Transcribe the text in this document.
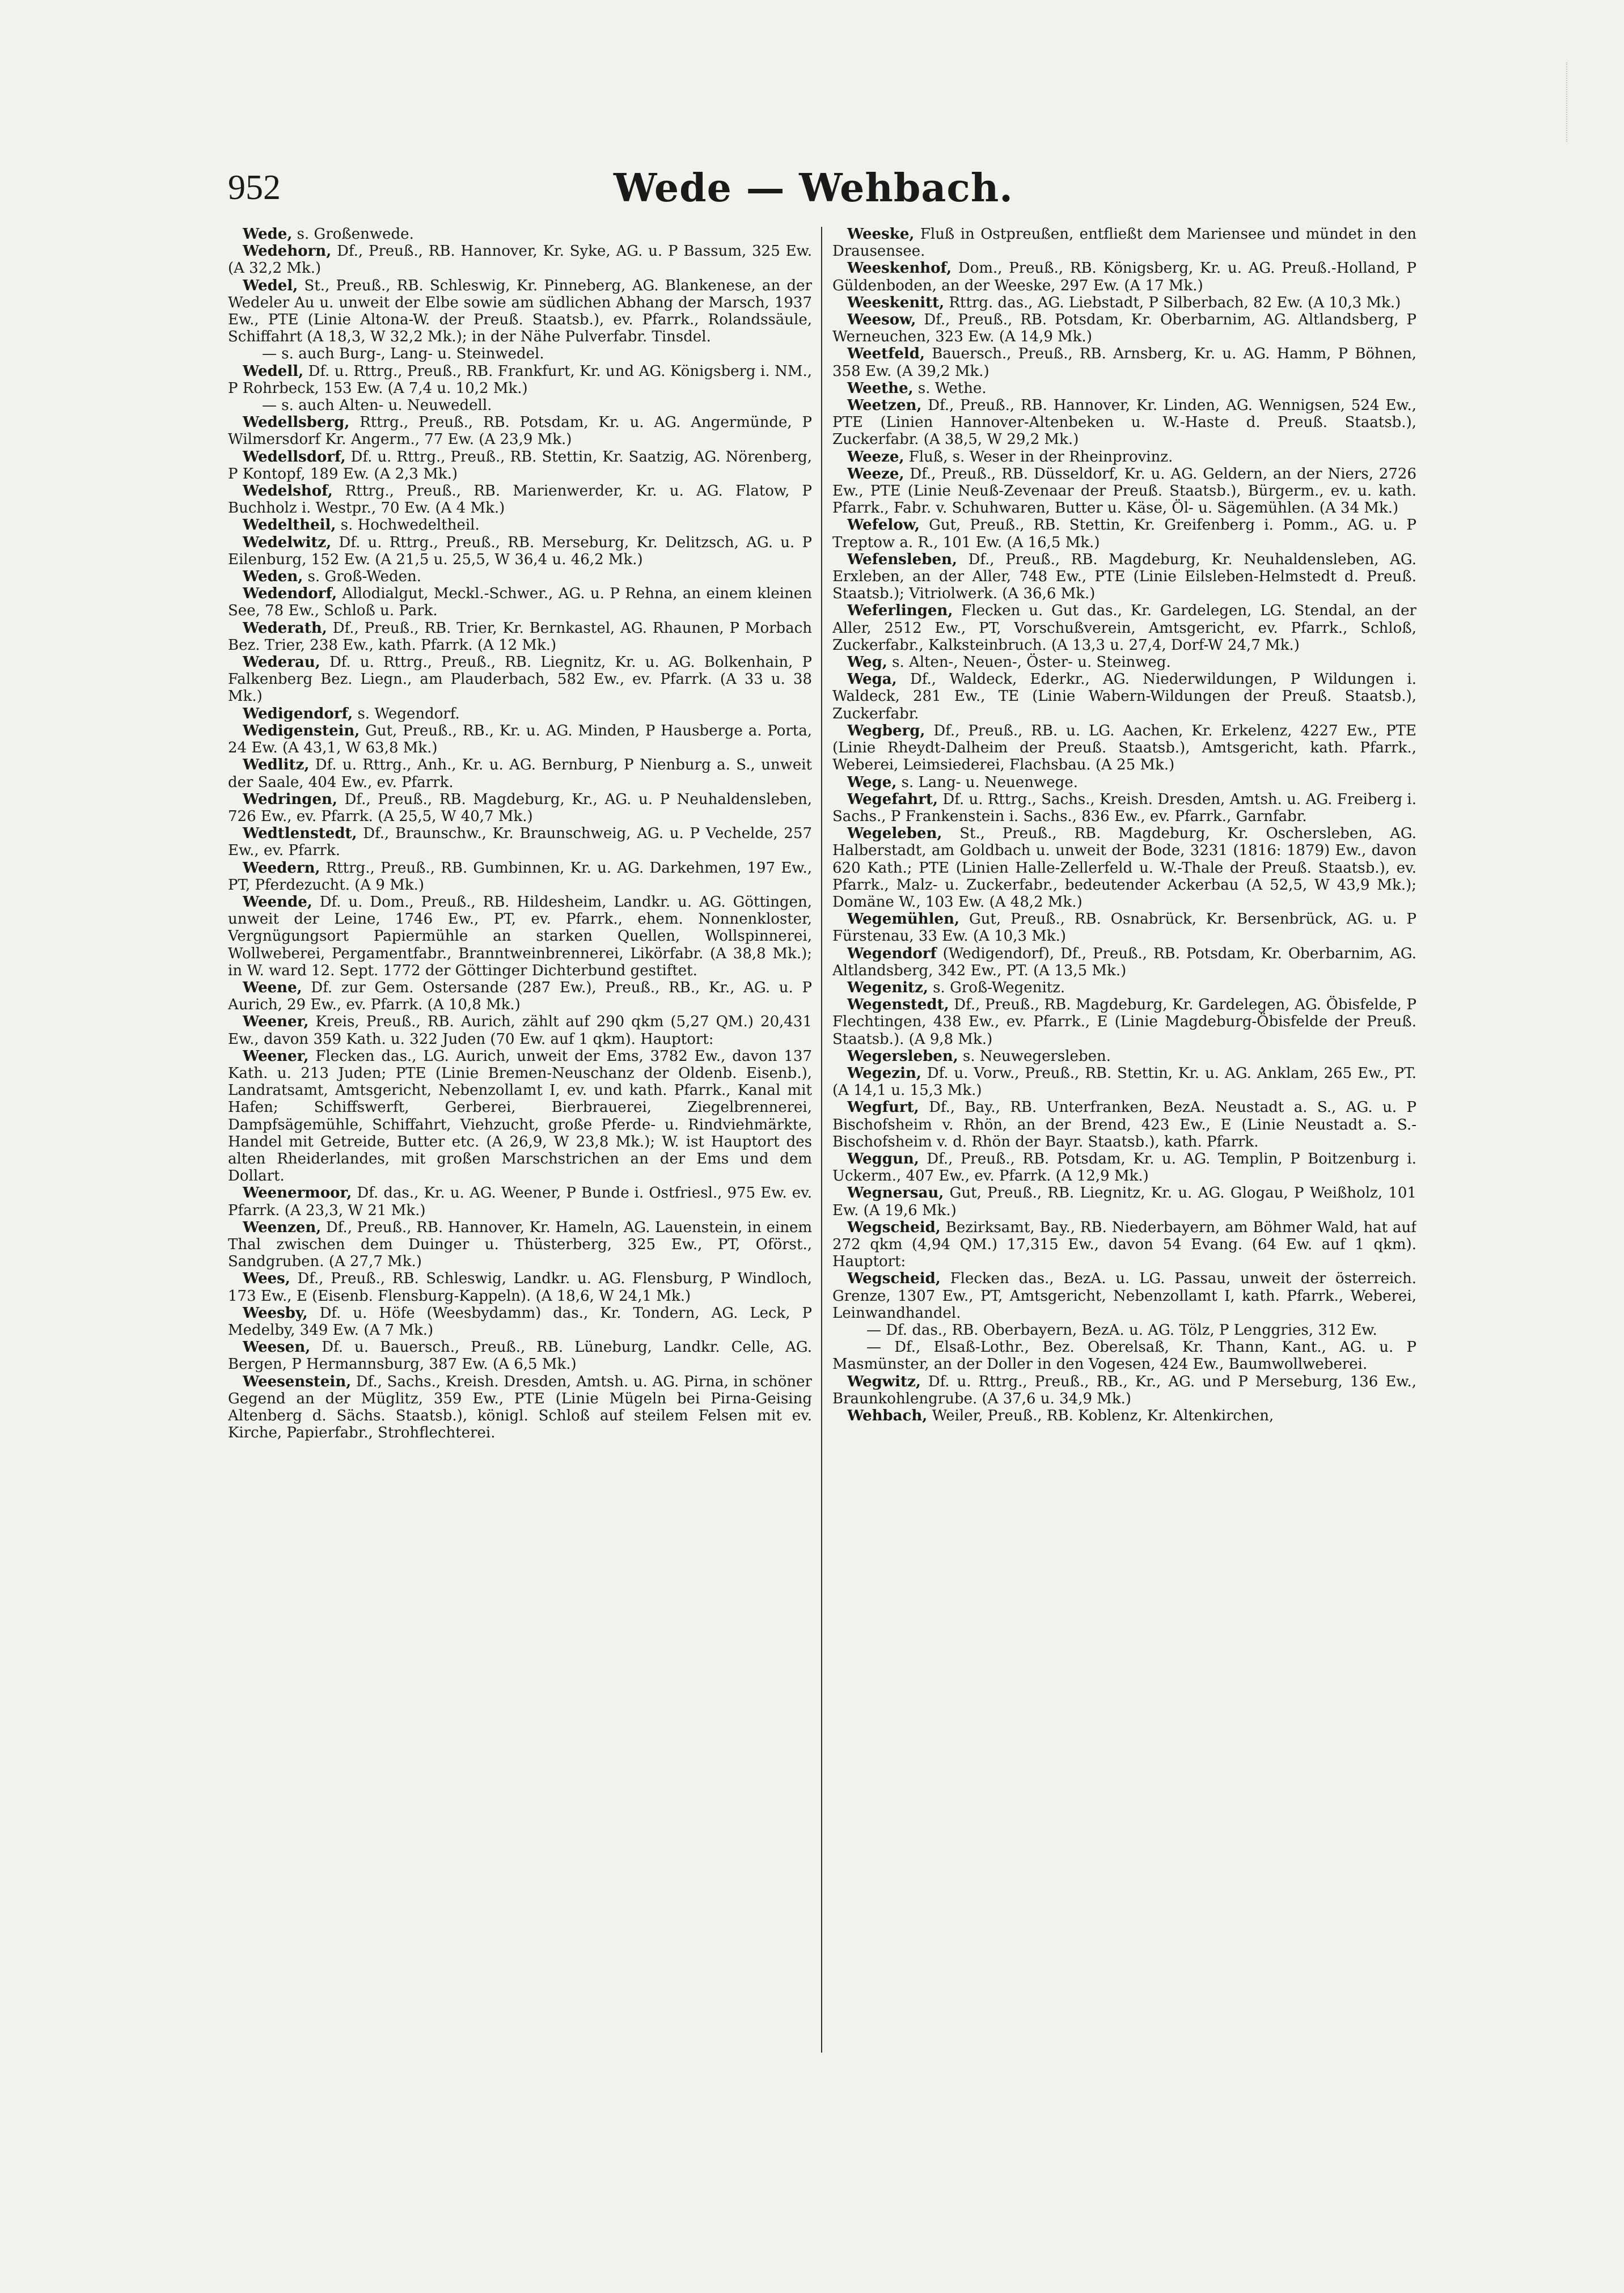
952	Wede — Wehbach.

Wede, s. Großenwede.

Wedehorn, Df., Preuß., RB. Hannover, Kr. Syke, AG. u. P Bassum, 325 Ew. (A 32,2 Mk.)

Wedel, St., Preuß., RB. Schleswig, Kr. Pinneberg, AG. Blankenese, an der Wedeler Au u. unweit der Elbe sowie am südlichen Abhang der Marsch, 1937 Ew., PTE (Linie Altona-W. der Preuß. Staatsb.), ev. Pfarrk., Rolandssäule, Schiffahrt (A 18,3, W 32,2 Mk.); in der Nähe Pulverfabr. Tinsdel.

— s. auch Burg-, Lang- u. Steinwedel.

Wedell, Df. u. Rttrg., Preuß., RB. Frankfurt, Kr. und AG. Königsberg i. NM., P Rohrbeck, 153 Ew. (A 7,4 u. 10,2 Mk.)

— s. auch Alten- u. Neuwedell.

Wedellsberg, Rttrg., Preuß., RB. Potsdam, Kr. u. AG. Angermünde, P Wilmersdorf Kr. Angerm., 77 Ew. (A 23,9 Mk.)

Wedellsdorf, Df. u. Rttrg., Preuß., RB. Stettin, Kr. Saatzig, AG. Nörenberg, P Kontopf, 189 Ew. (A 2,3 Mk.)

Wedelshof, Rttrg., Preuß., RB. Marienwerder, Kr. u. AG. Flatow, P Buchholz i. Westpr., 70 Ew. (A 4 Mk.)

Wedeltheil, s. Hochwedeltheil.

Wedelwitz, Df. u. Rttrg., Preuß., RB. Merseburg, Kr. Delitzsch, AG. u. P Eilenburg, 152 Ew. (A 21,5 u. 25,5, W 36,4 u. 46,2 Mk.)

Weden, s. Groß-Weden.

Wedendorf, Allodialgut, Meckl.-Schwer., AG. u. P Rehna, an einem kleinen See, 78 Ew., Schloß u. Park.

Wederath, Df., Preuß., RB. Trier, Kr. Bernkastel, AG. Rhaunen, P Morbach Bez. Trier, 238 Ew., kath. Pfarrk. (A 12 Mk.)

Wederau, Df. u. Rttrg., Preuß., RB. Liegnitz, Kr. u. AG. Bolkenhain, P Falkenberg Bez. Liegn., am Plauderbach, 582 Ew., ev. Pfarrk. (A 33 u. 38 Mk.)

Wedigendorf, s. Wegendorf.

Wedigenstein, Gut, Preuß., RB., Kr. u. AG. Minden, P Hausberge a. Porta, 24 Ew. (A 43,1, W 63,8 Mk.)

Wedlitz, Df. u. Rttrg., Anh., Kr. u. AG. Bernburg, P Nienburg a. S., unweit der Saale, 404 Ew., ev. Pfarrk.

Wedringen, Df., Preuß., RB. Magdeburg, Kr., AG. u. P Neuhaldensleben, 726 Ew., ev. Pfarrk. (A 25,5, W 40,7 Mk.)

Wedtlenstedt, Df., Braunschw., Kr. Braunschweig, AG. u. P Vechelde, 257 Ew., ev. Pfarrk.

Weedern, Rttrg., Preuß., RB. Gumbinnen, Kr. u. AG. Darkehmen, 197 Ew., PT, Pferdezucht. (A 9 Mk.)

Weende, Df. u. Dom., Preuß., RB. Hildesheim, Landkr. u. AG. Göttingen, unweit der Leine, 1746 Ew., PT, ev. Pfarrk., ehem. Nonnenkloster, Vergnügungsort Papiermühle an starken Quellen, Wollspinnerei, Wollweberei, Pergamentfabr., Branntweinbrennerei, Likörfabr. (A 38,8 Mk.); in W. ward 12. Sept. 1772 der Göttinger Dichterbund gestiftet.

Weene, Df. zur Gem. Ostersande (287 Ew.), Preuß., RB., Kr., AG. u. P Aurich, 29 Ew., ev. Pfarrk. (A 10,8 Mk.)

Weener, Kreis, Preuß., RB. Aurich, zählt auf 290 qkm (5,27 QM.) 20,431 Ew., davon 359 Kath. u. 322 Juden (70 Ew. auf 1 qkm). Hauptort:

Weener, Flecken das., LG. Aurich, unweit der Ems, 3782 Ew., davon 137 Kath. u. 213 Juden; PTE (Linie Bremen-Neuschanz der Oldenb. Eisenb.), Landratsamt, Amtsgericht, Nebenzollamt I, ev. und kath. Pfarrk., Kanal mit Hafen; Schiffswerft, Gerberei, Bierbrauerei, Ziegelbrennerei, Dampfsägemühle, Schiffahrt, Viehzucht, große Pferde- u. Rindviehmärkte, Handel mit Getreide, Butter etc. (A 26,9, W 23,8 Mk.); W. ist Hauptort des alten Rheiderlandes, mit großen Marschstrichen an der Ems und dem Dollart.

Weenermoor, Df. das., Kr. u. AG. Weener, P Bunde i. Ostfriesl., 975 Ew. ev. Pfarrk. (A 23,3, W 21 Mk.)

Weenzen, Df., Preuß., RB. Hannover, Kr. Hameln, AG. Lauenstein, in einem Thal zwischen dem Duinger u. Thüsterberg, 325 Ew., PT, Oförst., Sandgruben. (A 27,7 Mk.)

Wees, Df., Preuß., RB. Schleswig, Landkr. u. AG. Flensburg, P Windloch, 173 Ew., E (Eisenb. Flensburg-Kappeln). (A 18,6, W 24,1 Mk.)

Weesby, Df. u. Höfe (Weesbydamm) das., Kr. Tondern, AG. Leck, P Medelby, 349 Ew. (A 7 Mk.)

Weesen, Df. u. Bauersch., Preuß., RB. Lüneburg, Landkr. Celle, AG. Bergen, P Hermannsburg, 387 Ew. (A 6,5 Mk.)

Weesenstein, Df., Sachs., Kreish. Dresden, Amtsh. u. AG. Pirna, in schöner Gegend an der Müglitz, 359 Ew., PTE (Linie Mügeln bei Pirna-Geising Altenberg d. Sächs. Staatsb.), königl. Schloß auf steilem Felsen mit ev. Kirche, Papierfabr., Strohflechterei.

Weeske, Fluß in Ostpreußen, entfließt dem Mariensee und mündet in den Drausensee.

Weeskenhof, Dom., Preuß., RB. Königsberg, Kr. u. AG. Preuß.-Holland, P Güldenboden, an der Weeske, 297 Ew. (A 17 Mk.)

Weeskenitt, Rttrg. das., AG. Liebstadt, P Silberbach, 82 Ew. (A 10,3 Mk.)

Weesow, Df., Preuß., RB. Potsdam, Kr. Oberbarnim, AG. Altlandsberg, P Werneuchen, 323 Ew. (A 14,9 Mk.)

Weetfeld, Bauersch., Preuß., RB. Arnsberg, Kr. u. AG. Hamm, P Böhnen, 358 Ew. (A 39,2 Mk.)

Weethe, s. Wethe.

Weetzen, Df., Preuß., RB. Hannover, Kr. Linden, AG. Wennigsen, 524 Ew., PTE (Linien Hannover-Altenbeken u. W.-Haste d. Preuß. Staatsb.), Zuckerfabr. (A 38,5, W 29,2 Mk.)

Weeze, Fluß, s. Weser in der Rheinprovinz.

Weeze, Df., Preuß., RB. Düsseldorf, Kr. u. AG. Geldern, an der Niers, 2726 Ew., PTE (Linie Neuß-Zevenaar der Preuß. Staatsb.), Bürgerm., ev. u. kath. Pfarrk., Fabr. v. Schuhwaren, Butter u. Käse, Öl- u. Sägemühlen. (A 34 Mk.)

Wefelow, Gut, Preuß., RB. Stettin, Kr. Greifenberg i. Pomm., AG. u. P Treptow a. R., 101 Ew. (A 16,5 Mk.)

Wefensleben, Df., Preuß., RB. Magdeburg, Kr. Neuhaldensleben, AG. Erxleben, an der Aller, 748 Ew., PTE (Linie Eilsleben-Helmstedt d. Preuß. Staatsb.); Vitriolwerk. (A 36,6 Mk.)

Weferlingen, Flecken u. Gut das., Kr. Gardelegen, LG. Stendal, an der Aller, 2512 Ew., PT, Vorschußverein, Amtsgericht, ev. Pfarrk., Schloß, Zuckerfabr., Kalksteinbruch. (A 13,3 u. 27,4, Dorf-W 24,7 Mk.)

Weg, s. Alten-, Neuen-, Öster- u. Steinweg.

Wega, Df., Waldeck, Ederkr., AG. Niederwildungen, P Wildungen i. Waldeck, 281 Ew., TE (Linie Wabern-Wildungen der Preuß. Staatsb.), Zuckerfabr.

Wegberg, Df., Preuß., RB. u. LG. Aachen, Kr. Erkelenz, 4227 Ew., PTE (Linie Rheydt-Dalheim der Preuß. Staatsb.), Amtsgericht, kath. Pfarrk., Weberei, Leimsiederei, Flachsbau. (A 25 Mk.)

Wege, s. Lang- u. Neuenwege.

Wegefahrt, Df. u. Rttrg., Sachs., Kreish. Dresden, Amtsh. u. AG. Freiberg i. Sachs., P Frankenstein i. Sachs., 836 Ew., ev. Pfarrk., Garnfabr.

Wegeleben, St., Preuß., RB. Magdeburg, Kr. Oschersleben, AG. Halberstadt, am Goldbach u. unweit der Bode, 3231 (1816: 1879) Ew., davon 620 Kath.; PTE (Linien Halle-Zellerfeld u. W.-Thale der Preuß. Staatsb.), ev. Pfarrk., Malz- u. Zuckerfabr., bedeutender Ackerbau (A 52,5, W 43,9 Mk.); Domäne W., 103 Ew. (A 48,2 Mk.)

Wegemühlen, Gut, Preuß., RB. Osnabrück, Kr. Bersenbrück, AG. u. P Fürstenau, 33 Ew. (A 10,3 Mk.)

Wegendorf (Wedigendorf), Df., Preuß., RB. Potsdam, Kr. Oberbarnim, AG. Altlandsberg, 342 Ew., PT. (A 13,5 Mk.)

Wegenitz, s. Groß-Wegenitz.

Wegenstedt, Df., Preuß., RB. Magdeburg, Kr. Gardelegen, AG. Öbisfelde, P Flechtingen, 438 Ew., ev. Pfarrk., E (Linie Magdeburg-Öbisfelde der Preuß. Staatsb.). (A 9,8 Mk.)

Wegersleben, s. Neuwegersleben.

Wegezin, Df. u. Vorw., Preuß., RB. Stettin, Kr. u. AG. Anklam, 265 Ew., PT. (A 14,1 u. 15,3 Mk.)

Wegfurt, Df., Bay., RB. Unterfranken, BezA. Neustadt a. S., AG. u. P Bischofsheim v. Rhön, an der Brend, 423 Ew., E (Linie Neustadt a. S.-Bischofsheim v. d. Rhön der Bayr. Staatsb.), kath. Pfarrk.

Weggun, Df., Preuß., RB. Potsdam, Kr. u. AG. Templin, P Boitzenburg i. Uckerm., 407 Ew., ev. Pfarrk. (A 12,9 Mk.)

Wegnersau, Gut, Preuß., RB. Liegnitz, Kr. u. AG. Glogau, P Weißholz, 101 Ew. (A 19,6 Mk.)

Wegscheid, Bezirksamt, Bay., RB. Niederbayern, am Böhmer Wald, hat auf 272 qkm (4,94 QM.) 17,315 Ew., davon 54 Evang. (64 Ew. auf 1 qkm). Hauptort:

Wegscheid, Flecken das., BezA. u. LG. Passau, unweit der österreich. Grenze, 1307 Ew., PT, Amtsgericht, Nebenzollamt I, kath. Pfarrk., Weberei, Leinwandhandel.

— Df. das., RB. Oberbayern, BezA. u. AG. Tölz, P Lenggries, 312 Ew.

— Df., Elsaß-Lothr., Bez. Oberelsaß, Kr. Thann, Kant., AG. u. P Masmünster, an der Doller in den Vogesen, 424 Ew., Baumwollweberei.

Wegwitz, Df. u. Rttrg., Preuß., RB., Kr., AG. und P Merseburg, 136 Ew., Braunkohlengrube. (A 37,6 u. 34,9 Mk.)

Wehbach, Weiler, Preuß., RB. Koblenz, Kr. Altenkirchen,
